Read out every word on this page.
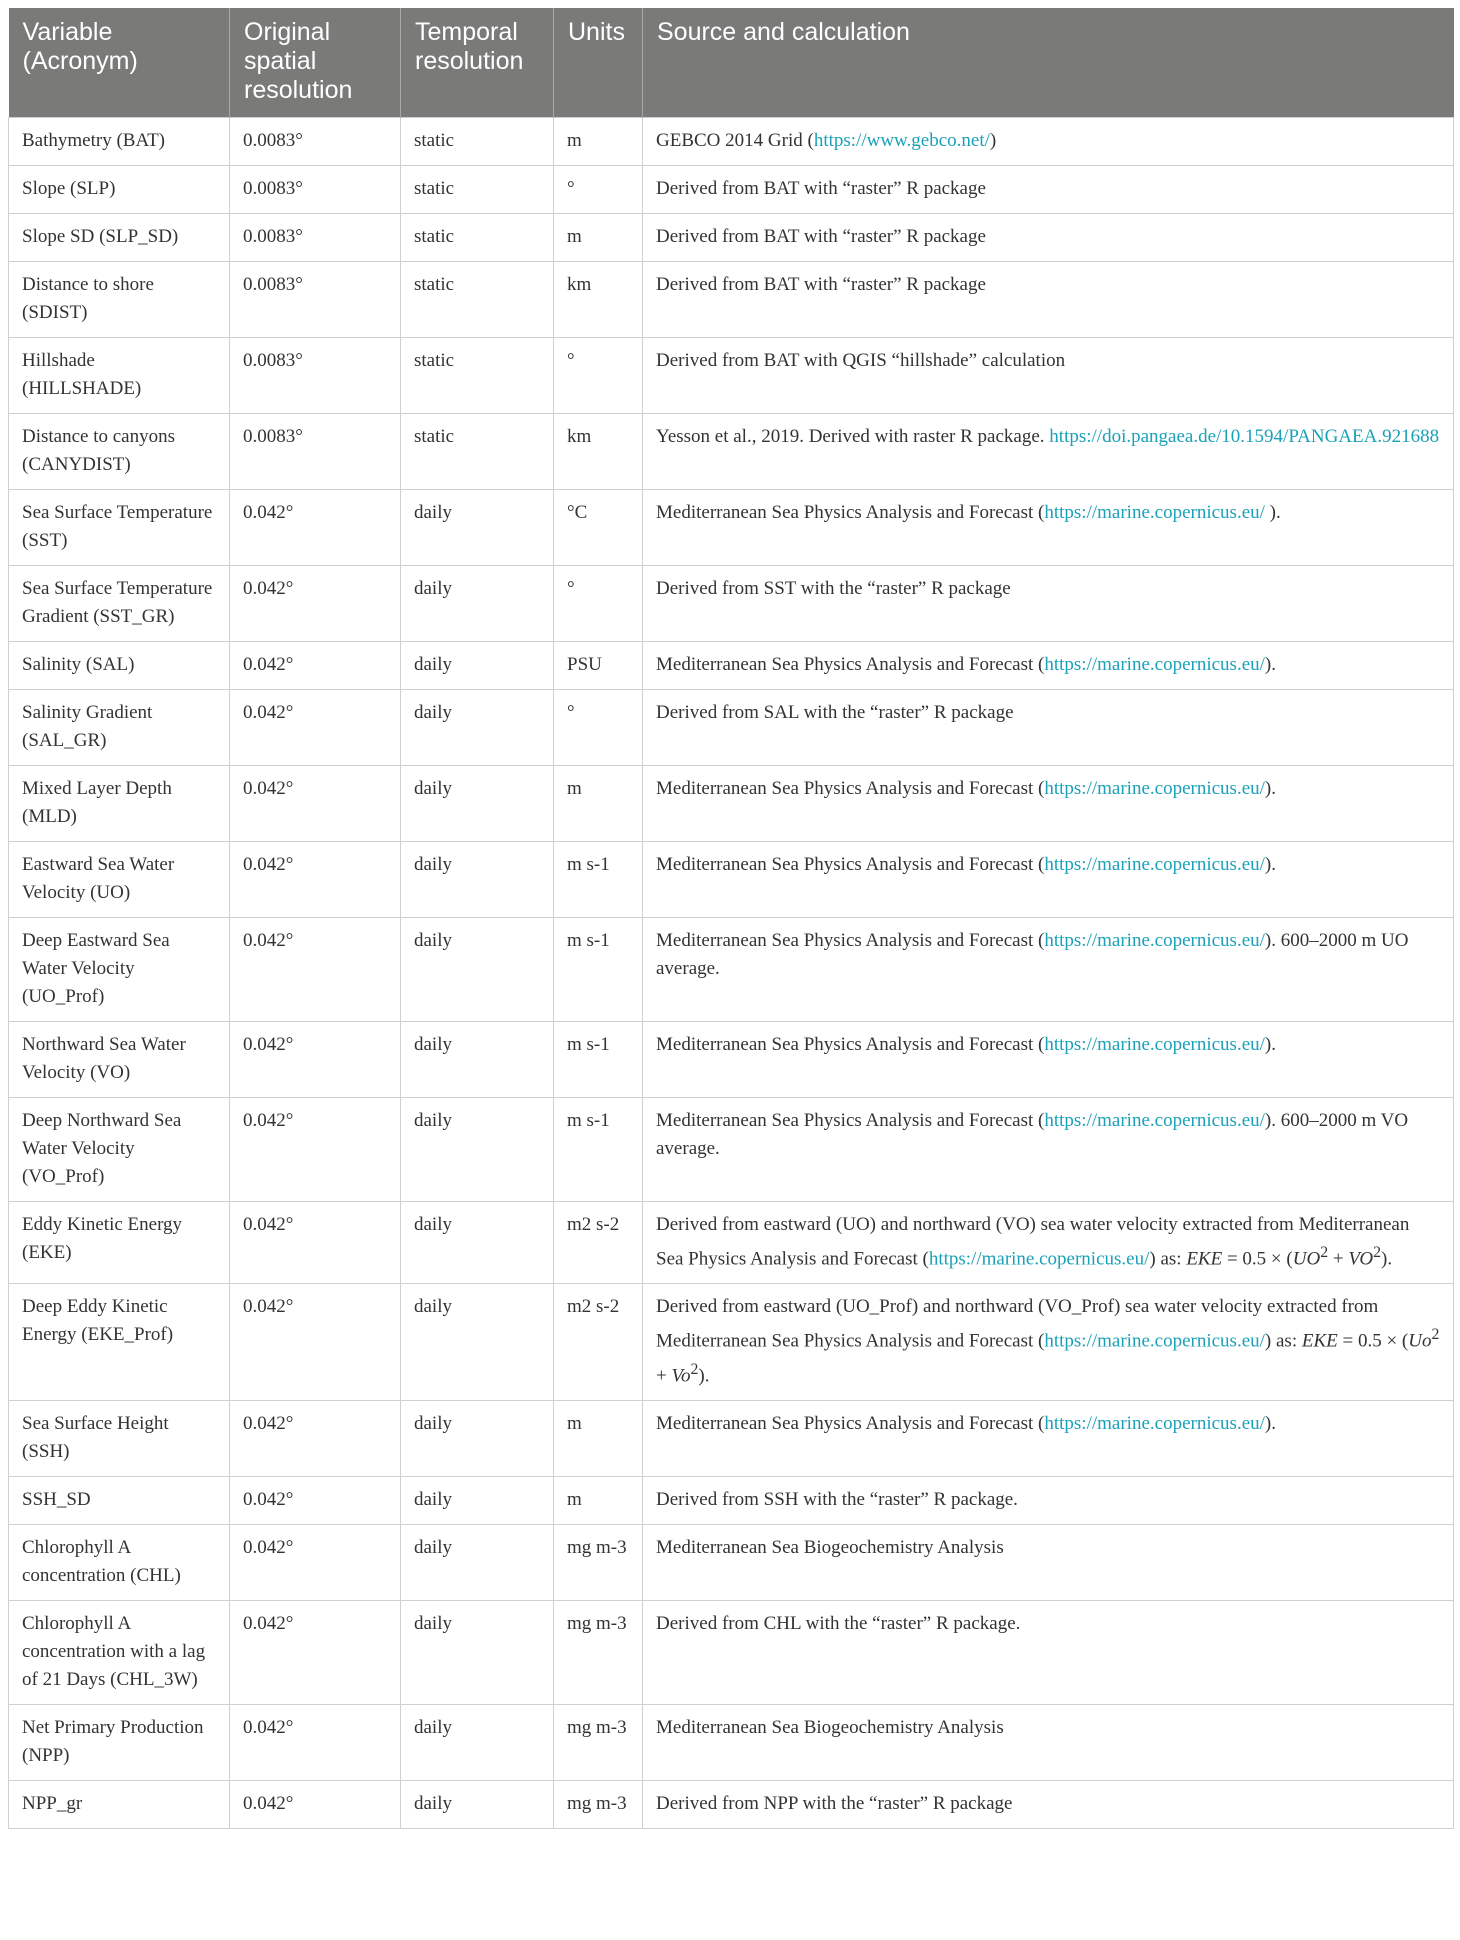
Variable (Acronym)	Original spatial resolution	Temporal resolution	Units	Source and calculation
Bathymetry (BAT)	0.0083°	static	m	GEBCO 2014 Grid (https://www.gebco.net/)
Slope (SLP)	0.0083°	static	°	Derived from BAT with “raster” R package
Slope SD (SLP_SD)	0.0083°	static	m	Derived from BAT with “raster” R package
Distance to shore (SDIST)	0.0083°	static	km	Derived from BAT with “raster” R package
Hillshade (HILLSHADE)	0.0083°	static	°	Derived from BAT with QGIS “hillshade” calculation
Distance to canyons (CANYDIST)	0.0083°	static	km	Yesson et al., 2019. Derived with raster R package. https://doi.pangaea.de/10.1594/PANGAEA.921688
Sea Surface Temperature (SST)	0.042°	daily	°C	Mediterranean Sea Physics Analysis and Forecast (https://marine.copernicus.eu/ ).
Sea Surface Temperature Gradient (SST_GR)	0.042°	daily	°	Derived from SST with the “raster” R package
Salinity (SAL)	0.042°	daily	PSU	Mediterranean Sea Physics Analysis and Forecast (https://marine.copernicus.eu/).
Salinity Gradient (SAL_GR)	0.042°	daily	°	Derived from SAL with the “raster” R package
Mixed Layer Depth (MLD)	0.042°	daily	m	Mediterranean Sea Physics Analysis and Forecast (https://marine.copernicus.eu/).
Eastward Sea Water Velocity (UO)	0.042°	daily	m s-1	Mediterranean Sea Physics Analysis and Forecast (https://marine.copernicus.eu/).
Deep Eastward Sea Water Velocity (UO_Prof)	0.042°	daily	m s-1	Mediterranean Sea Physics Analysis and Forecast (https://marine.copernicus.eu/). 600–2000 m UO average.
Northward Sea Water Velocity (VO)	0.042°	daily	m s-1	Mediterranean Sea Physics Analysis and Forecast (https://marine.copernicus.eu/).
Deep Northward Sea Water Velocity (VO_Prof)	0.042°	daily	m s-1	Mediterranean Sea Physics Analysis and Forecast (https://marine.copernicus.eu/). 600–2000 m VO average.
Eddy Kinetic Energy (EKE)	0.042°	daily	m2 s-2	Derived from eastward (UO) and northward (VO) sea water velocity extracted from Mediterranean Sea Physics Analysis and Forecast (https://marine.copernicus.eu/) as: EKE = $0.5 \times (UO^2 + VO^2)$.
Deep Eddy Kinetic Energy (EKE_Prof)	0.042°	daily	m2 s-2	Derived from eastward (UO_Prof) and northward (VO_Prof) sea water velocity extracted from Mediterranean Sea Physics Analysis and Forecast (https://marine.copernicus.eu/) as: EKE = $0.5 \times (Uo^2 + Vo^2)$.
Sea Surface Height (SSH)	0.042°	daily	m	Mediterranean Sea Physics Analysis and Forecast (https://marine.copernicus.eu/).
SSH_SD	0.042°	daily	m	Derived from SSH with the “raster” R package.
Chlorophyll A concentration (CHL)	0.042°	daily	mg m-3	Mediterranean Sea Biogeochemistry Analysis
Chlorophyll A concentration with a lag of 21 Days (CHL_3W)	0.042°	daily	mg m-3	Derived from CHL with the “raster” R package.
Net Primary Production (NPP)	0.042°	daily	mg m-3	Mediterranean Sea Biogeochemistry Analysis
NPP_gr	0.042°	daily	mg m-3	Derived from NPP with the “raster” R package
